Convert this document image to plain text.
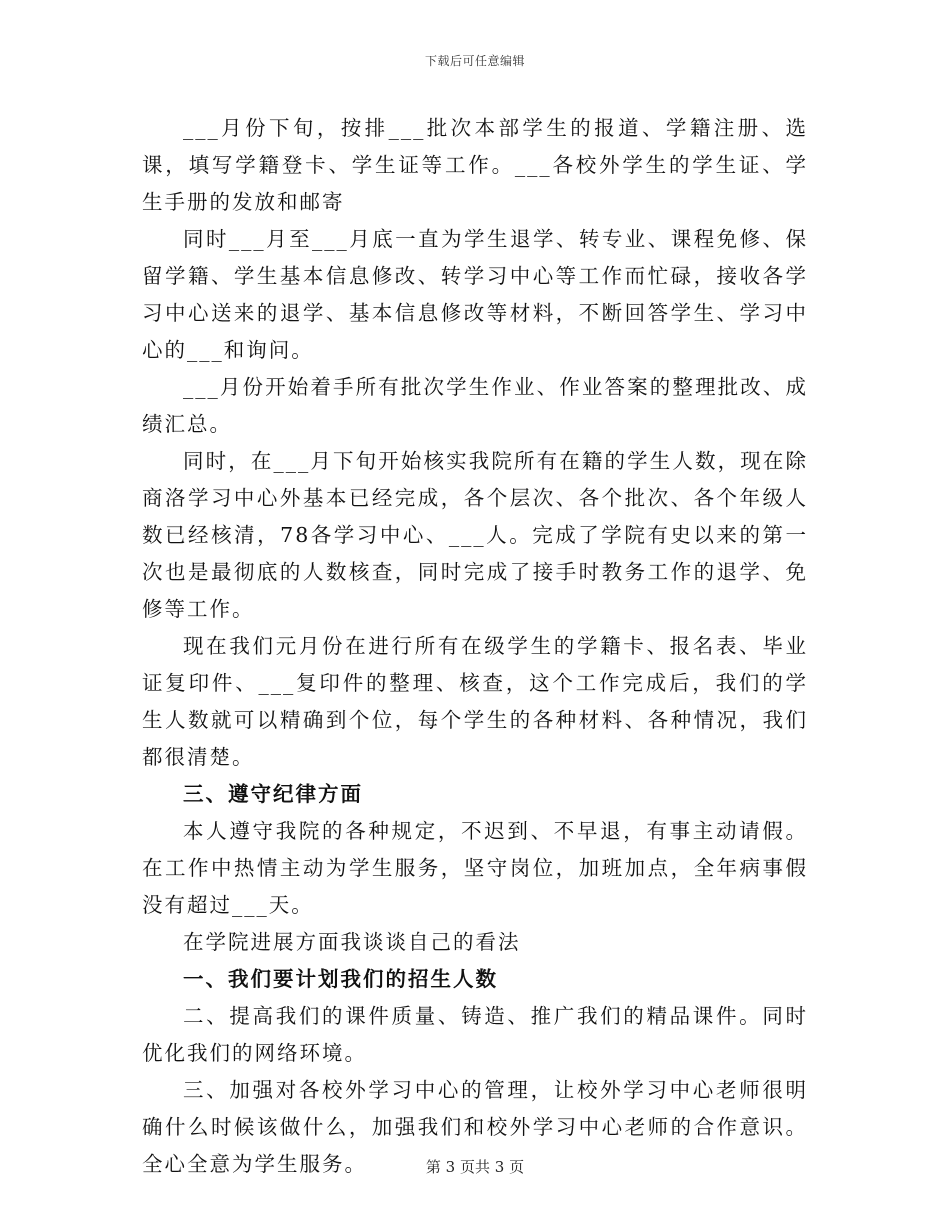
下载后可任意编辑

___月份下旬，按排___批次本部学生的报道、学籍注册、选课，填写学籍登卡、学生证等工作。___各校外学生的学生证、学生手册的发放和邮寄

同时___月至___月底一直为学生退学、转专业、课程免修、保留学籍、学生基本信息修改、转学习中心等工作而忙碌，接收各学习中心送来的退学、基本信息修改等材料，不断回答学生、学习中心的___和询问。

___月份开始着手所有批次学生作业、作业答案的整理批改、成绩汇总。

同时，在___月下旬开始核实我院所有在籍的学生人数，现在除商洛学习中心外基本已经完成，各个层次、各个批次、各个年级人数已经核清，78各学习中心、___人。完成了学院有史以来的第一次也是最彻底的人数核查，同时完成了接手时教务工作的退学、免修等工作。

现在我们元月份在进行所有在级学生的学籍卡、报名表、毕业证复印件、___复印件的整理、核查，这个工作完成后，我们的学生人数就可以精确到个位，每个学生的各种材料、各种情况，我们都很清楚。

三、遵守纪律方面

本人遵守我院的各种规定，不迟到、不早退，有事主动请假。在工作中热情主动为学生服务，坚守岗位，加班加点，全年病事假没有超过___天。

在学院进展方面我谈谈自己的看法

一、我们要计划我们的招生人数

二、提高我们的课件质量、铸造、推广我们的精品课件。同时优化我们的网络环境。

三、加强对各校外学习中心的管理，让校外学习中心老师很明确什么时候该做什么，加强我们和校外学习中心老师的合作意识。全心全意为学生服务。	第 3 页共 3 页
